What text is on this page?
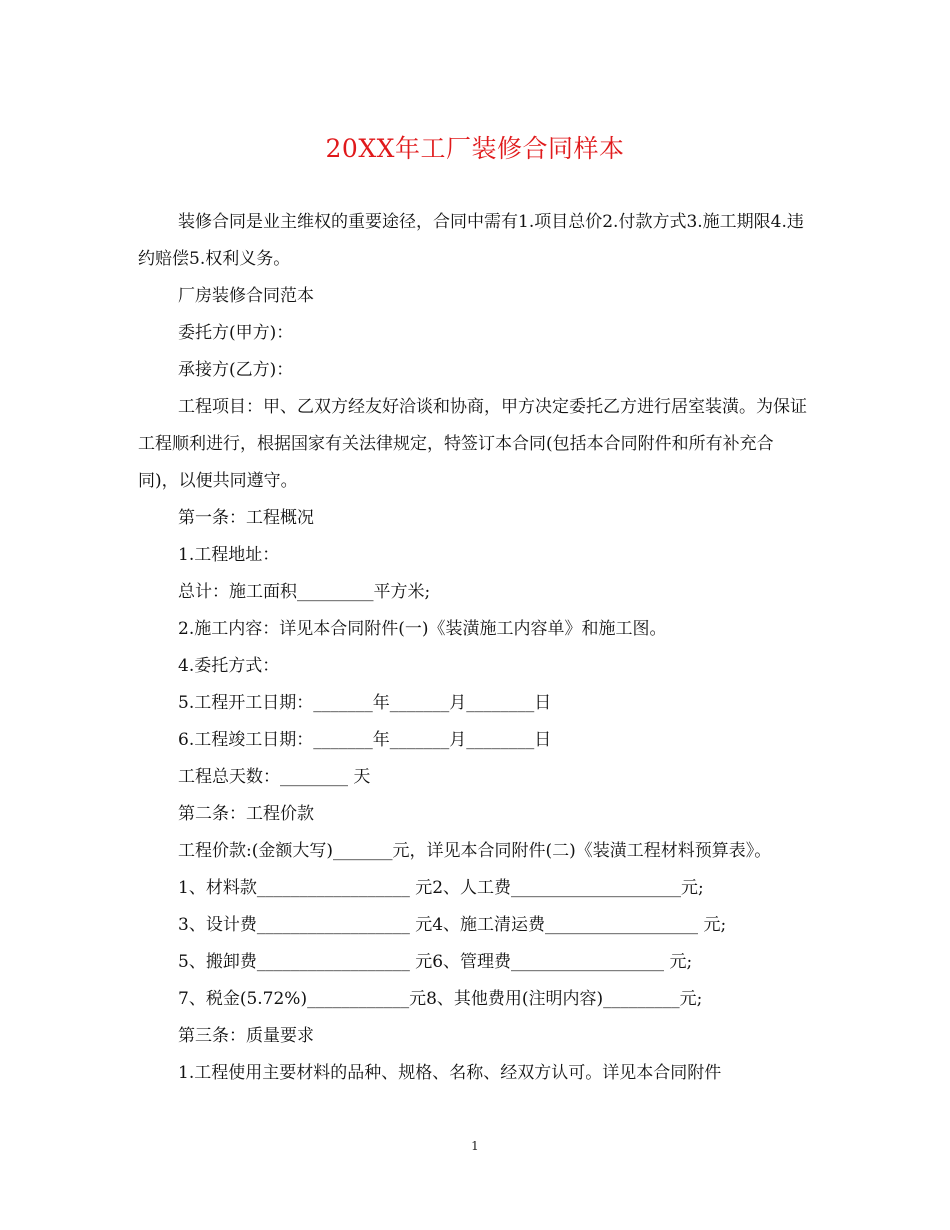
20XX年工厂装修合同样本

装修合同是业主维权的重要途径，合同中需有1.项目总价2.付款方式3.施工期限4.违约赔偿5.权利义务。

厂房装修合同范本

委托方(甲方)：

承接方(乙方)：

工程项目：甲、乙双方经友好洽谈和协商，甲方决定委托乙方进行居室装潢。为保证工程顺利进行，根据国家有关法律规定，特签订本合同(包括本合同附件和所有补充合同)，以便共同遵守。

第一条：工程概况

1.工程地址：

总计：施工面积_________平方米;

2.施工内容：详见本合同附件(一)《装潢施工内容单》和施工图。

4.委托方式：

5.工程开工日期：_______年_______月________日

6.工程竣工日期：_______年_______月________日

工程总天数：________ 天

第二条：工程价款

工程价款:(金额大写)_______元，详见本合同附件(二)《装潢工程材料预算表》。

1、材料款__________________ 元2、人工费____________________元;

3、设计费__________________ 元4、施工清运费__________________ 元;

5、搬卸费__________________ 元6、管理费__________________ 元;

7、税金(5.72%)____________元8、其他费用(注明内容)_________元;

第三条：质量要求

1.工程使用主要材料的品种、规格、名称、经双方认可。详见本合同附件

1
